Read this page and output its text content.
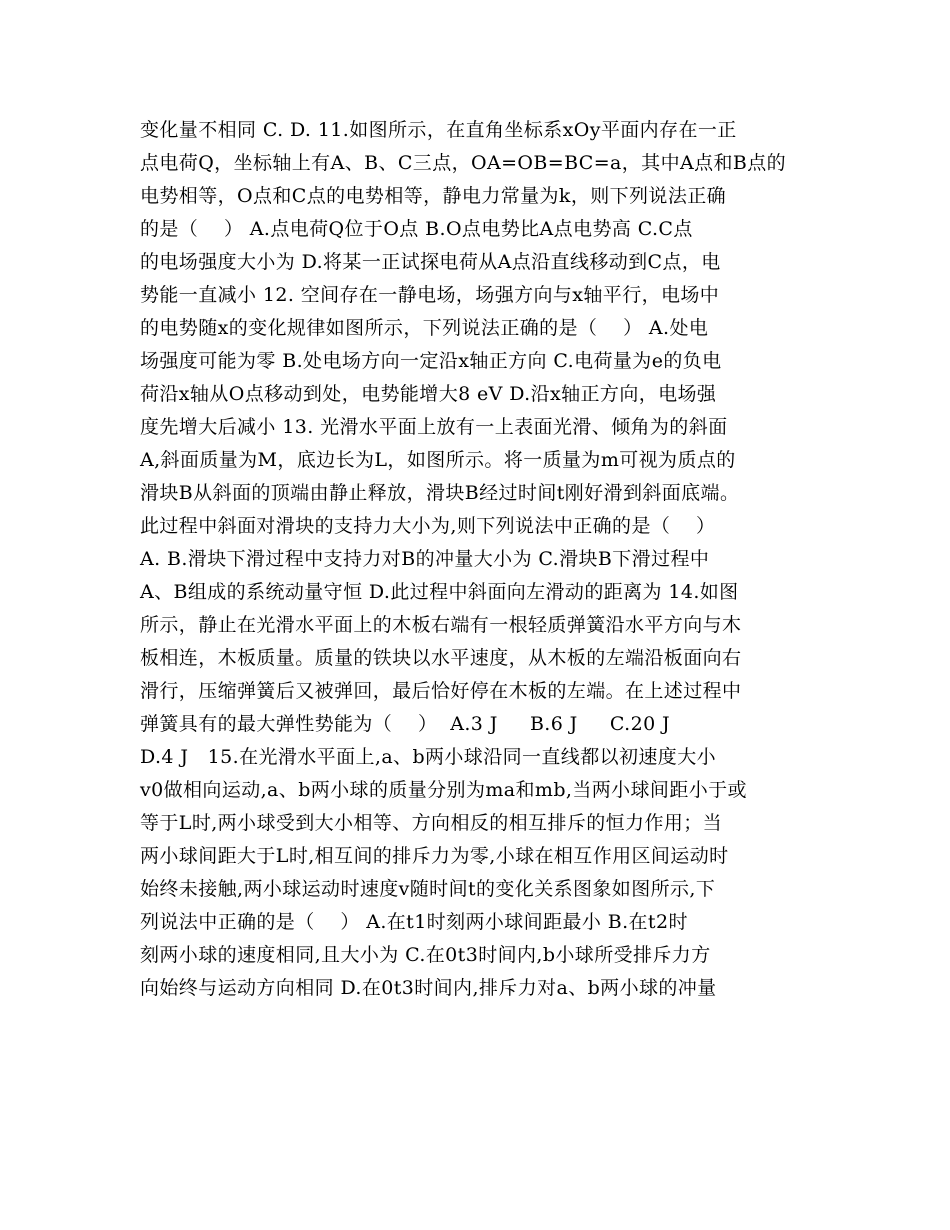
变化量不相同 C. D. 11.如图所示，在直角坐标系xOy平面内存在一正
点电荷Q，坐标轴上有A、B、C三点，OA=OB=BC=a，其中A点和B点的
电势相等，O点和C点的电势相等，静电力常量为k，则下列说法正确
的是（    ） A.点电荷Q位于O点 B.O点电势比A点电势高 C.C点
的电场强度大小为 D.将某一正试探电荷从A点沿直线移动到C点，电
势能一直减小 12. 空间存在一静电场，场强方向与x轴平行，电场中
的电势随x的变化规律如图所示，下列说法正确的是（    ） A.处电
场强度可能为零 B.处电场方向一定沿x轴正方向 C.电荷量为e的负电
荷沿x轴从O点移动到处，电势能增大8 eV D.沿x轴正方向，电场强
度先增大后减小 13. 光滑水平面上放有一上表面光滑、倾角为的斜面
A,斜面质量为M，底边长为L，如图所示。将一质量为m可视为质点的
滑块B从斜面的顶端由静止释放，滑块B经过时间t刚好滑到斜面底端。
此过程中斜面对滑块的支持力大小为,则下列说法中正确的是（    ）
A. B.滑块下滑过程中支持力对B的冲量大小为 C.滑块B下滑过程中
A、B组成的系统动量守恒 D.此过程中斜面向左滑动的距离为 14.如图
所示，静止在光滑水平面上的木板右端有一根轻质弹簧沿水平方向与木
板相连，木板质量。质量的铁块以水平速度，从木板的左端沿板面向右
滑行，压缩弹簧后又被弹回，最后恰好停在木板的左端。在上述过程中
弹簧具有的最大弹性势能为（    ）  A.3 J     B.6 J     C.20 J
D.4 J   15.在光滑水平面上,a、b两小球沿同一直线都以初速度大小
v0做相向运动,a、b两小球的质量分别为ma和mb,当两小球间距小于或
等于L时,两小球受到大小相等、方向相反的相互排斥的恒力作用；当
两小球间距大于L时,相互间的排斥力为零,小球在相互作用区间运动时
始终未接触,两小球运动时速度v随时间t的变化关系图象如图所示,下
列说法中正确的是（    ） A.在t1时刻两小球间距最小 B.在t2时
刻两小球的速度相同,且大小为 C.在0t3时间内,b小球所受排斥力方
向始终与运动方向相同 D.在0t3时间内,排斥力对a、b两小球的冲量
